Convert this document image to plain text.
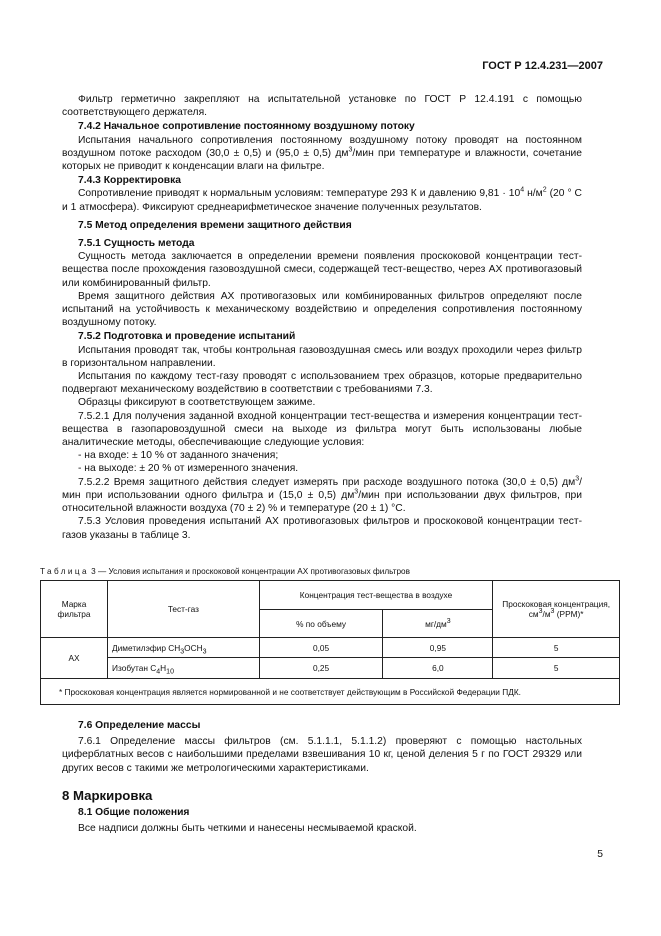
ГОСТ Р 12.4.231—2007

Фильтр герметично закрепляют на испытательной установке по ГОСТ Р 12.4.191 с помощью соответствующего держателя.

7.4.2 Начальное сопротивление постоянному воздушному потоку

Испытания начального сопротивления постоянному воздушному потоку проводят на постоянном воздушном потоке расходом (30,0 ± 0,5) и (95,0 ± 0,5) $дм^3$/мин при температуре и влажности, сочетание которых не приводит к конденсации влаги на фильтре.

7.4.3 Корректировка

Сопротивление приводят к нормальным условиям: температуре 293 К и давлению $9,81 \cdot 10^4$ $н/м^2$ (20 ° С и 1 атмосфера). Фиксируют среднеарифметическое значение полученных результатов.

7.5 Метод определения времени защитного действия
7.5.1 Сущность метода

Сущность метода заключается в определении времени появления проскоковой концентрации тест-вещества после прохождения газовоздушной смеси, содержащей тест-вещество, через АХ противогазовый или комбинированный фильтр.

Время защитного действия АХ противогазовых или комбинированных фильтров определяют после испытаний на устойчивость к механическому воздействию и определения сопротивления постоянному воздушному потоку.

7.5.2 Подготовка и проведение испытаний

Испытания проводят так, чтобы контрольная газовоздушная смесь или воздух проходили через фильтр в горизонтальном направлении.

Испытания по каждому тест-газу проводят с использованием трех образцов, которые предварительно подвергают механическому воздействию в соответствии с требованиями 7.3.

Образцы фиксируют в соответствующем зажиме.

7.5.2.1 Для получения заданной входной концентрации тест-вещества и измерения концентрации тест-вещества в газопаровоздушной смеси на выходе из фильтра могут быть использованы любые аналитические методы, обеспечивающие следующие условия:

- на входе: ± 10 % от заданного значения;

- на выходе: ± 20 % от измеренного значения.

7.5.2.2 Время защитного действия следует измерять при расходе воздушного потока (30,0 ± 0,5) $дм^3$/мин при использовании одного фильтра и (15,0 ± 0,5) $дм^3$/мин при использовании двух фильтров, при относительной влажности воздуха (70 ± 2) % и температуре (20 ± 1) °С.

7.5.3 Условия проведения испытаний АХ противогазовых фильтров и проскоковой концентрации тест-газов указаны в таблице 3.

Таблица 3 — Условия испытания и проскоковой концентрации АХ противогазовых фильтров
Марка фильтра	Тест-газ	Концентрация тест-вещества в воздухе		Проскоковая концентрация, $см^3/м^3$ (PPM)*
		% по объему	$мг/дм^3$
АХ	Диметилэфир $CH_3OCH_3$	0,05	0,95	5
	Изобутан $C_4H_{10}$	0,25	6,0	5
* Проскоковая концентрация является нормированной и не соответствует действующим в Российской Федерации ПДК.				
7.6 Определение массы

7.6.1 Определение массы фильтров (см. 5.1.1.1, 5.1.1.2) проверяют с помощью настольных циферблатных весов с наибольшими пределами взвешивания 10 кг, ценой деления 5 г по ГОСТ 29329 или других весов с такими же метрологическими характеристиками.

8 Маркировка
8.1 Общие положения

Все надписи должны быть четкими и нанесены несмываемой краской.

5
